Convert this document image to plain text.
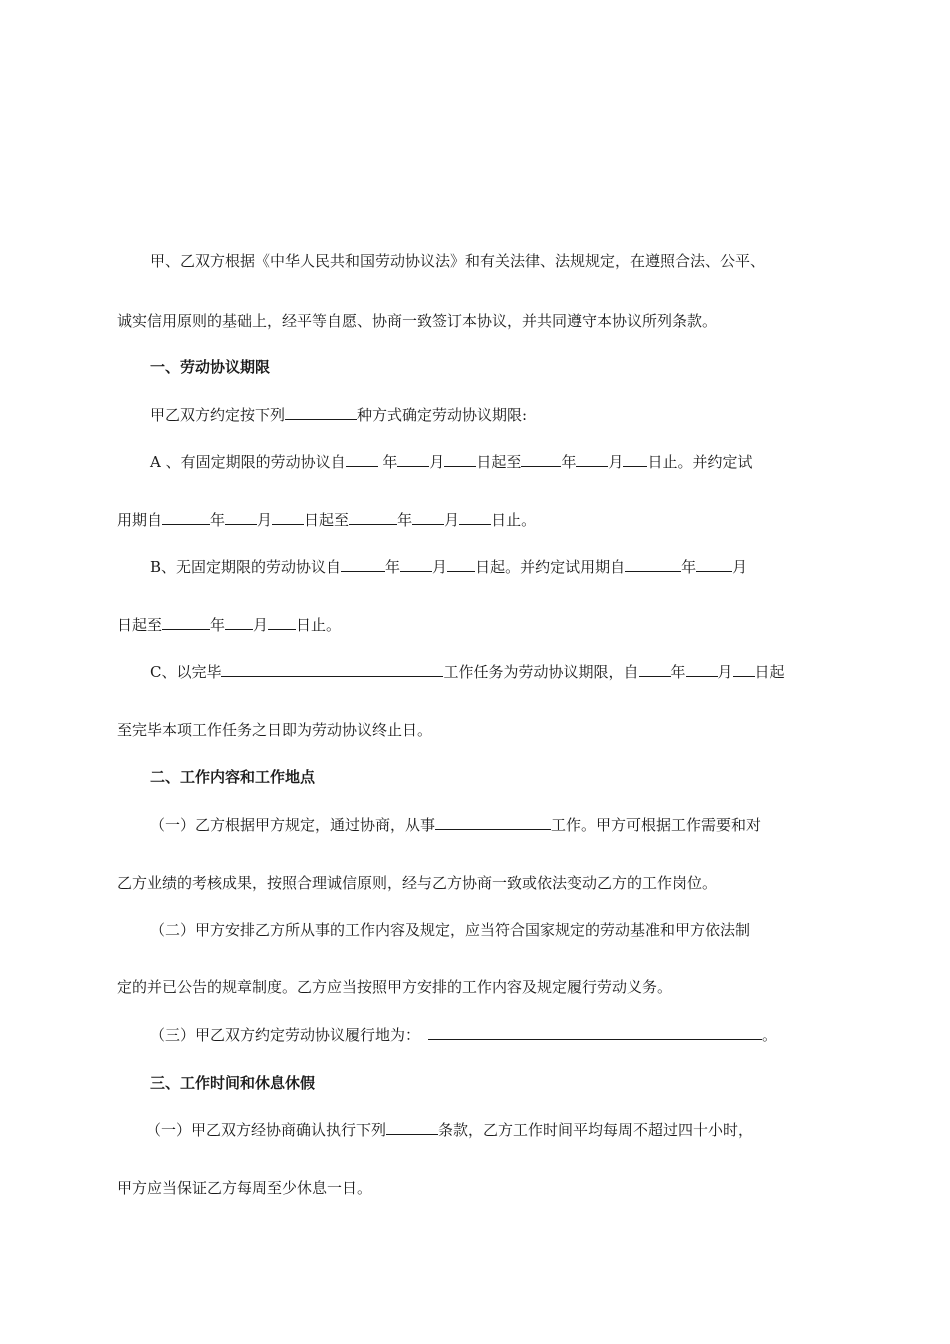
甲、乙双方根据《中华人民共和国劳动协议法》和有关法律、法规规定，在遵照合法、公平、
诚实信用原则的基础上，经平等自愿、协商一致签订本协议，并共同遵守本协议所列条款。
一、劳动协议期限
甲乙双方约定按下列	种方式确定劳动协议期限:
A 、有固定期限的劳动协议自 年 月 日起至	年 月 日止。并约定试
用期自	年 月 日起至	年 月 日止。
B、无固定期限的劳动协议自	年 月 日起。并约定试用期自	年 月
日起至	年 月 日止。
C、以完毕	工作任务为劳动协议期限，自 年 月 日起
至完毕本项工作任务之日即为劳动协议终止日。
二、工作内容和工作地点
（一）乙方根据甲方规定，通过协商，从事	工作。甲方可根据工作需要和对
乙方业绩的考核成果，按照合理诚信原则，经与乙方协商一致或依法变动乙方的工作岗位。
（二）甲方安排乙方所从事的工作内容及规定，应当符合国家规定的劳动基准和甲方依法制
定的并已公告的规章制度。乙方应当按照甲方安排的工作内容及规定履行劳动义务。
（三）甲乙双方约定劳动协议履行地为：	。
三、工作时间和休息休假
（一）甲乙双方经协商确认执行下列	条款，乙方工作时间平均每周不超过四十小时，
甲方应当保证乙方每周至少休息一日。
